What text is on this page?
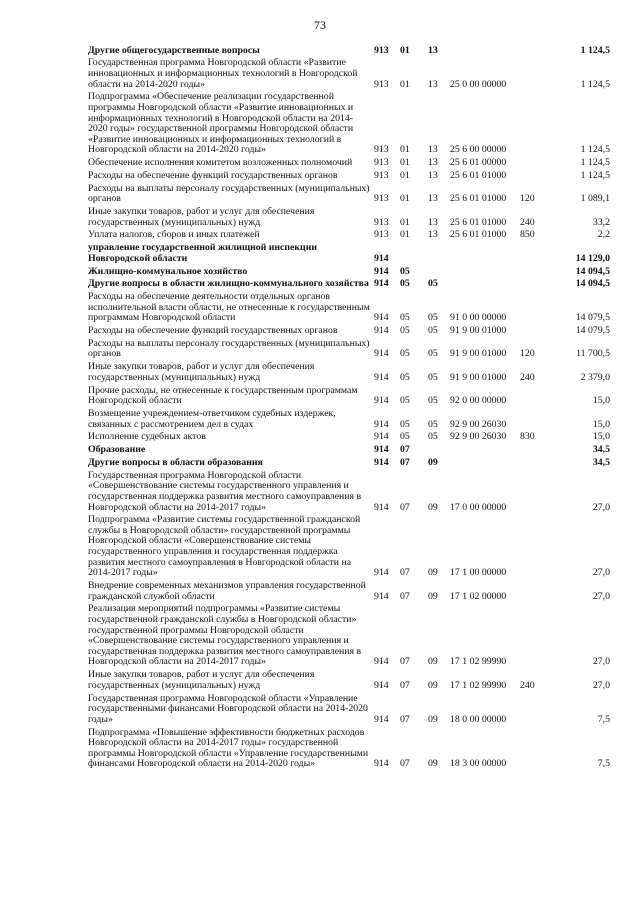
73
Другие общегосударственные вопросы	913	01	13			1 124,5
Государственная программа Новгородской области «Развитие инновационных и информационных технологий в Новгородской области на 2014-2020 годы»	913	01	13	25 0 00 00000		1 124,5
Подпрограмма «Обеспечение реализации государственной программы Новгородской области «Развитие инновационных и информационных технологий в Новгородской области на 2014-2020 годы» государственной программы Новгородской области «Развитие инновационных и информационных технологий в Новгородской области на 2014-2020 годы»	913	01	13	25 6 00 00000		1 124,5
Обеспечение исполнения комитетом возложенных полномочий	913	01	13	25 6 01 00000		1 124,5
Расходы на обеспечение функций государственных органов	913	01	13	25 6 01 01000		1 124,5
Расходы на выплаты персоналу государственных (муниципальных) органов	913	01	13	25 6 01 01000	120	1 089,1
Иные закупки товаров, работ и услуг для обеспечения государственных (муниципальных) нужд	913	01	13	25 6 01 01000	240	33,2
Уплата налогов, сборов и иных платежей	913	01	13	25 6 01 01000	850	2,2
управление государственной жилищной инспекции Новгородской области	914					14 129,0
Жилищно-коммунальное хозяйство	914	05				14 094,5
Другие вопросы в области жилищно-коммунального хозяйства	914	05	05			14 094,5
Расходы на обеспечение деятельности отдельных органов исполнительной власти области, не отнесенные к государственным программам Новгородской области	914	05	05	91 0 00 00000		14 079,5
Расходы на обеспечение функций государственных органов	914	05	05	91 9 00 01000		14 079,5
Расходы на выплаты персоналу государственных (муниципальных) органов	914	05	05	91 9 00 01000	120	11 700,5
Иные закупки товаров, работ и услуг для обеспечения государственных (муниципальных) нужд	914	05	05	91 9 00 01000	240	2 379,0
Прочие расходы, не отнесенные к государственным программам Новгородской области	914	05	05	92 0 00 00000		15,0
Возмещение учреждением-ответчиком судебных издержек, связанных с рассмотрением дел в судах	914	05	05	92 9 00 26030		15,0
Исполнение судебных актов	914	05	05	92 9 00 26030	830	15,0
Образование	914	07				34,5
Другие вопросы в области образования	914	07	09			34,5
Государственная программа Новгородской области «Совершенствование системы государственного управления и государственная поддержка развития местного самоуправления в Новгородской области на 2014-2017 годы»	914	07	09	17 0 00 00000		27,0
Подпрограмма «Развитие системы государственной гражданской службы в Новгородской области» государственной программы Новгородской области «Совершенствование системы государственного управления и государственная поддержка развития местного самоуправления в Новгородской области на 2014-2017 годы»	914	07	09	17 1 00 00000		27,0
Внедрение современных механизмов управления государственной гражданской службой области	914	07	09	17 1 02 00000		27,0
Реализация мероприятий подпрограммы «Развитие системы государственной гражданской службы в Новгородской области» государственной программы Новгородской области «Совершенствование системы государственного управления и государственная поддержка развития местного самоуправления в Новгородской области на 2014-2017 годы»	914	07	09	17 1 02 99990		27,0
Иные закупки товаров, работ и услуг для обеспечения государственных (муниципальных) нужд	914	07	09	17 1 02 99990	240	27,0
Государственная программа Новгородской области «Управление государственными финансами Новгородской области на 2014-2020 годы»	914	07	09	18 0 00 00000		7,5
Подпрограмма «Повышение эффективности бюджетных расходов Новгородской области на 2014-2017 годы» государственной программы Новгородской области «Управление государственными финансами Новгородской области на 2014-2020 годы»	914	07	09	18 3 00 00000		7,5
